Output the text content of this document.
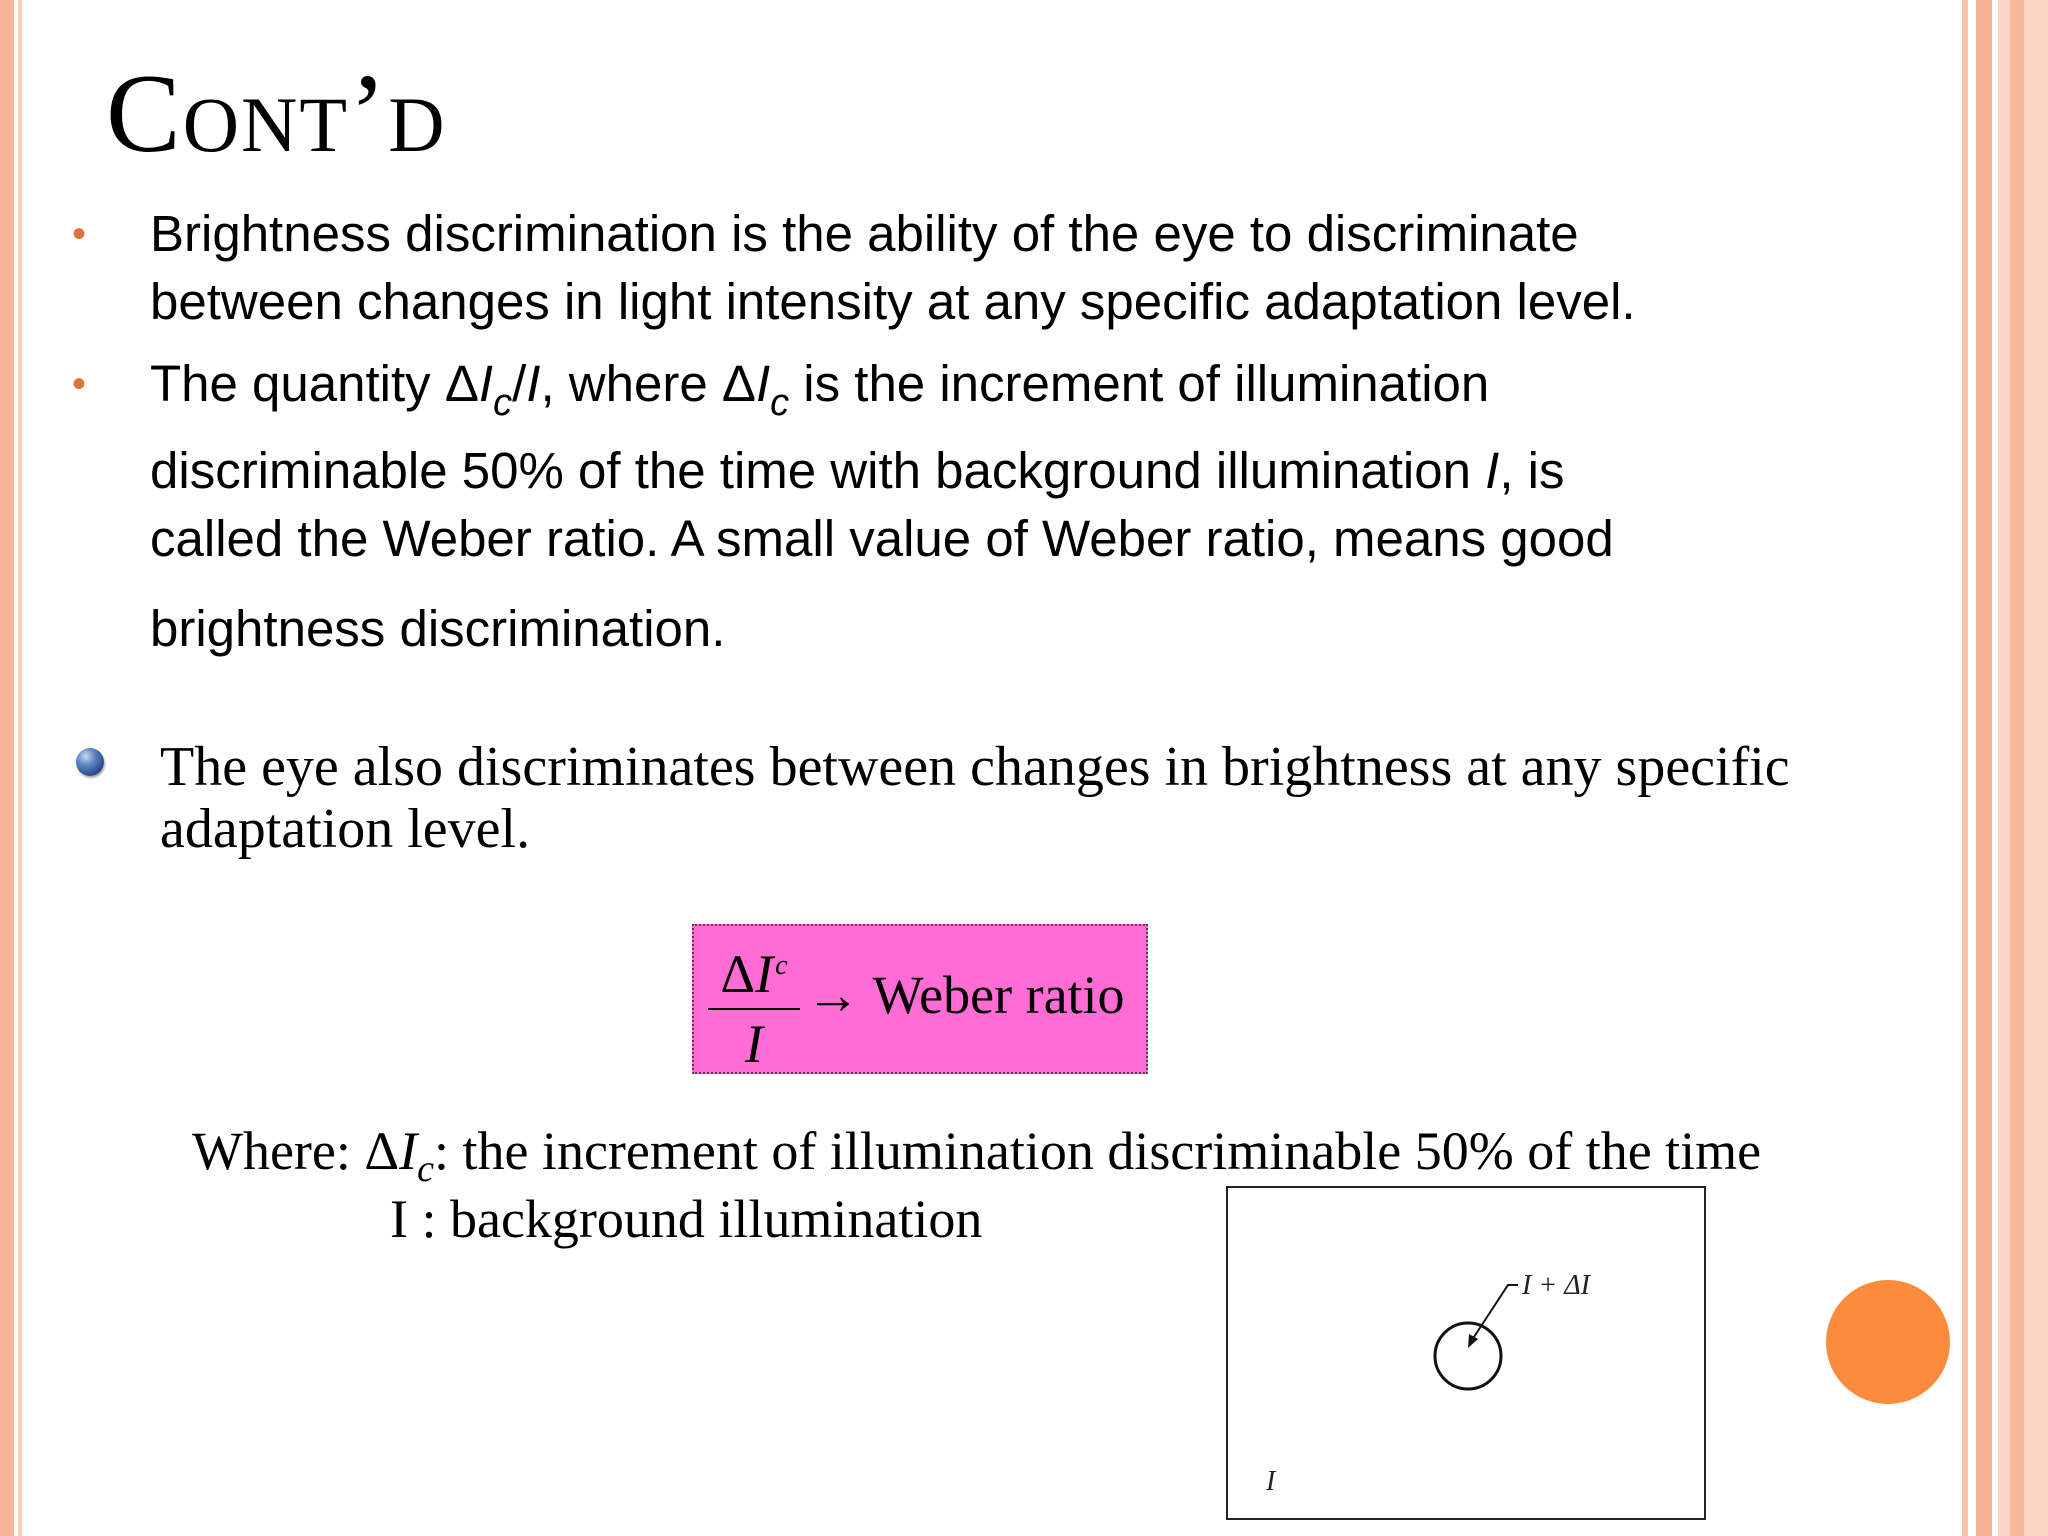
Cont’d
• Brightness discrimination is the ability of the eye to discriminate
between changes in light intensity at any specific adaptation level.
• The quantity $\Delta I_c/I$, where $\Delta I_c$ is the increment of illumination
discriminable 50% of the time with background illumination I, is
called the Weber ratio. A small value of Weber ratio, means good
brightness discrimination.
The eye also discriminates between changes in brightness at any specific
adaptation level.
$\Delta I^c$
I
→ Weber ratio
Where: $\Delta I_c$: the increment of illumination discriminable 50% of the time
I : background illumination
I + ΔI
I
